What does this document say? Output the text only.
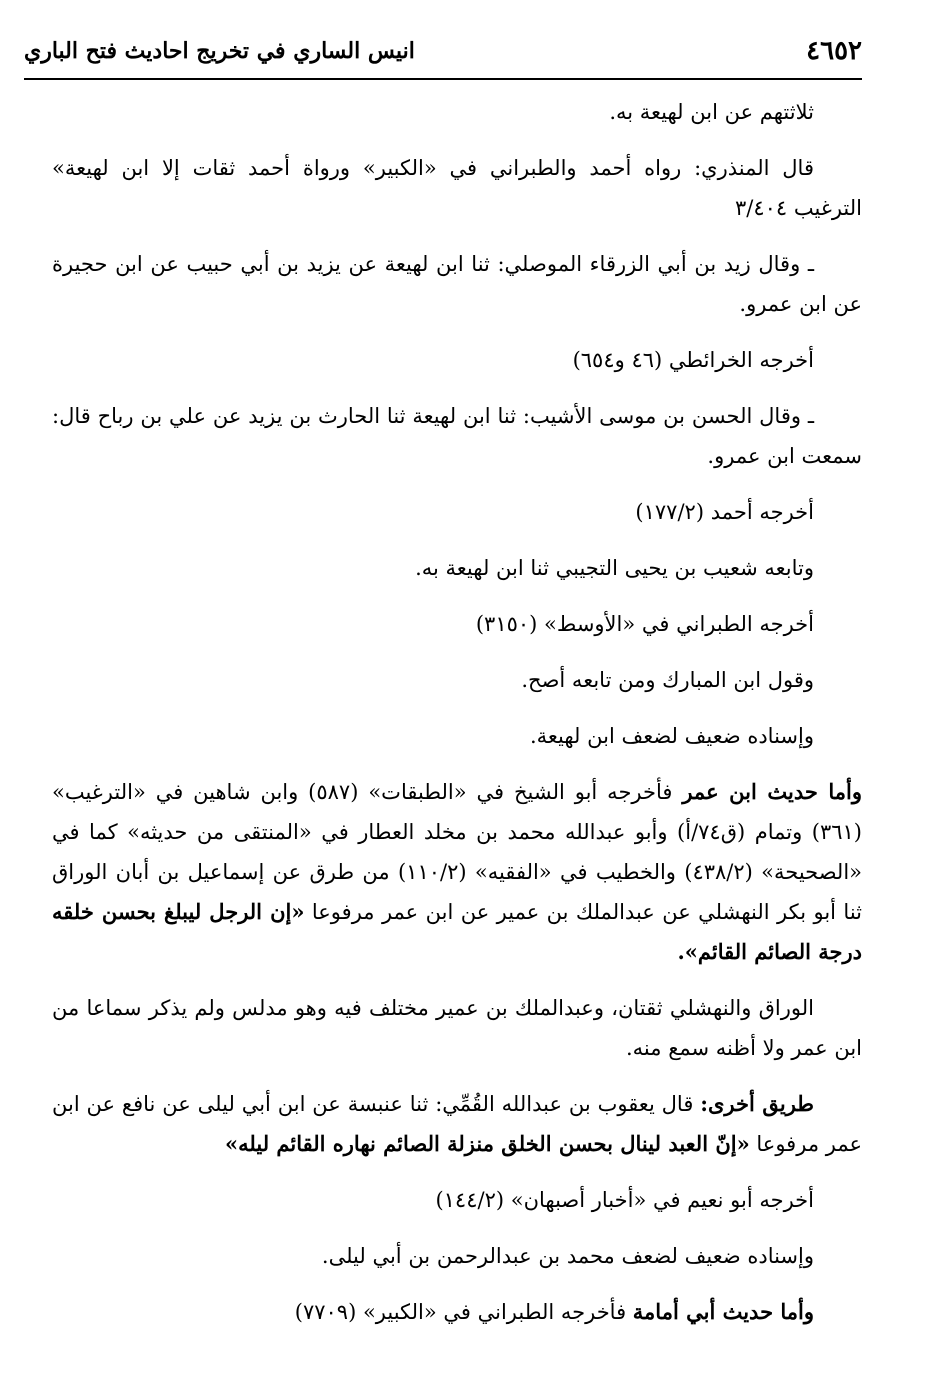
٤٦٥٢
انيس الساري في تخريج احاديث فتح الباري

ثلاثتهم عن ابن لهيعة به.

قال المنذري: رواه أحمد والطبراني في «الكبير» ورواة أحمد ثقات إلا ابن لهيعة» الترغيب ٣/٤٠٤

ـ وقال زيد بن أبي الزرقاء الموصلي: ثنا ابن لهيعة عن يزيد بن أبي حبيب عن ابن حجيرة عن ابن عمرو.

أخرجه الخرائطي (٤٦ و٦٥٤)

ـ وقال الحسن بن موسى الأشيب: ثنا ابن لهيعة ثنا الحارث بن يزيد عن علي بن رباح قال: سمعت ابن عمرو.

أخرجه أحمد (١٧٧/٢)

وتابعه شعيب بن يحيى التجيبي ثنا ابن لهيعة به.

أخرجه الطبراني في «الأوسط» (٣١٥٠)

وقول ابن المبارك ومن تابعه أصح.

وإسناده ضعيف لضعف ابن لهيعة.

وأما حديث ابن عمر فأخرجه أبو الشيخ في «الطبقات» (٥٨٧) وابن شاهين في «الترغيب» (٣٦١) وتمام (ق٧٤/أ) وأبو عبدالله محمد بن مخلد العطار في «المنتقى من حديثه» كما في «الصحيحة» (٤٣٨/٢) والخطيب في «الفقيه» (١١٠/٢) من طرق عن إسماعيل بن أبان الوراق ثنا أبو بكر النهشلي عن عبدالملك بن عمير عن ابن عمر مرفوعا «إن الرجل ليبلغ بحسن خلقه درجة الصائم القائم».

الوراق والنهشلي ثقتان، وعبدالملك بن عمير مختلف فيه وهو مدلس ولم يذكر سماعا من ابن عمر ولا أظنه سمع منه.

طريق أخرى: قال يعقوب بن عبدالله القُمِّي: ثنا عنبسة عن ابن أبي ليلى عن نافع عن ابن عمر مرفوعا «إنّ العبد لينال بحسن الخلق منزلة الصائم نهاره القائم ليله»

أخرجه أبو نعيم في «أخبار أصبهان» (١٤٤/٢)

وإسناده ضعيف لضعف محمد بن عبدالرحمن بن أبي ليلى.

وأما حديث أبي أمامة فأخرجه الطبراني في «الكبير» (٧٧٠٩)
